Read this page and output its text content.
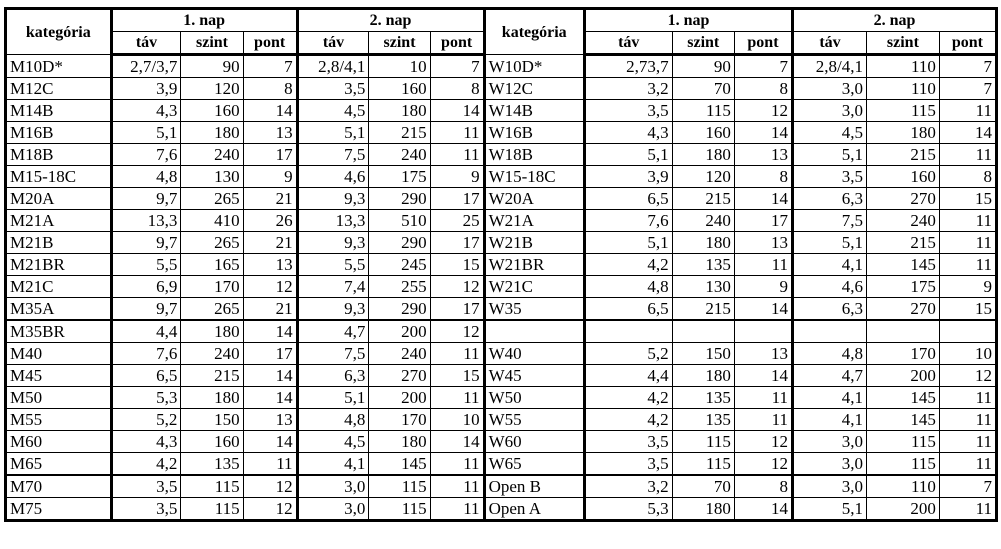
kategória	1. nap			2. nap			kategória	1. nap			2. nap		
	táv	szint	pont	táv	szint	pont		táv	szint	pont	táv	szint	pont
M10D*	2,7/3,7	90	7	2,8/4,1	10	7	W10D*	2,73,7	90	7	2,8/4,1	110	7
M12C	3,9	120	8	3,5	160	8	W12C	3,2	70	8	3,0	110	7
M14B	4,3	160	14	4,5	180	14	W14B	3,5	115	12	3,0	115	11
M16B	5,1	180	13	5,1	215	11	W16B	4,3	160	14	4,5	180	14
M18B	7,6	240	17	7,5	240	11	W18B	5,1	180	13	5,1	215	11
M15-18C	4,8	130	9	4,6	175	9	W15-18C	3,9	120	8	3,5	160	8
M20A	9,7	265	21	9,3	290	17	W20A	6,5	215	14	6,3	270	15
M21A	13,3	410	26	13,3	510	25	W21A	7,6	240	17	7,5	240	11
M21B	9,7	265	21	9,3	290	17	W21B	5,1	180	13	5,1	215	11
M21BR	5,5	165	13	5,5	245	15	W21BR	4,2	135	11	4,1	145	11
M21C	6,9	170	12	7,4	255	12	W21C	4,8	130	9	4,6	175	9
M35A	9,7	265	21	9,3	290	17	W35	6,5	215	14	6,3	270	15
M35BR	4,4	180	14	4,7	200	12							
M40	7,6	240	17	7,5	240	11	W40	5,2	150	13	4,8	170	10
M45	6,5	215	14	6,3	270	15	W45	4,4	180	14	4,7	200	12
M50	5,3	180	14	5,1	200	11	W50	4,2	135	11	4,1	145	11
M55	5,2	150	13	4,8	170	10	W55	4,2	135	11	4,1	145	11
M60	4,3	160	14	4,5	180	14	W60	3,5	115	12	3,0	115	11
M65	4,2	135	11	4,1	145	11	W65	3,5	115	12	3,0	115	11
M70	3,5	115	12	3,0	115	11	Open B	3,2	70	8	3,0	110	7
M75	3,5	115	12	3,0	115	11	Open A	5,3	180	14	5,1	200	11
